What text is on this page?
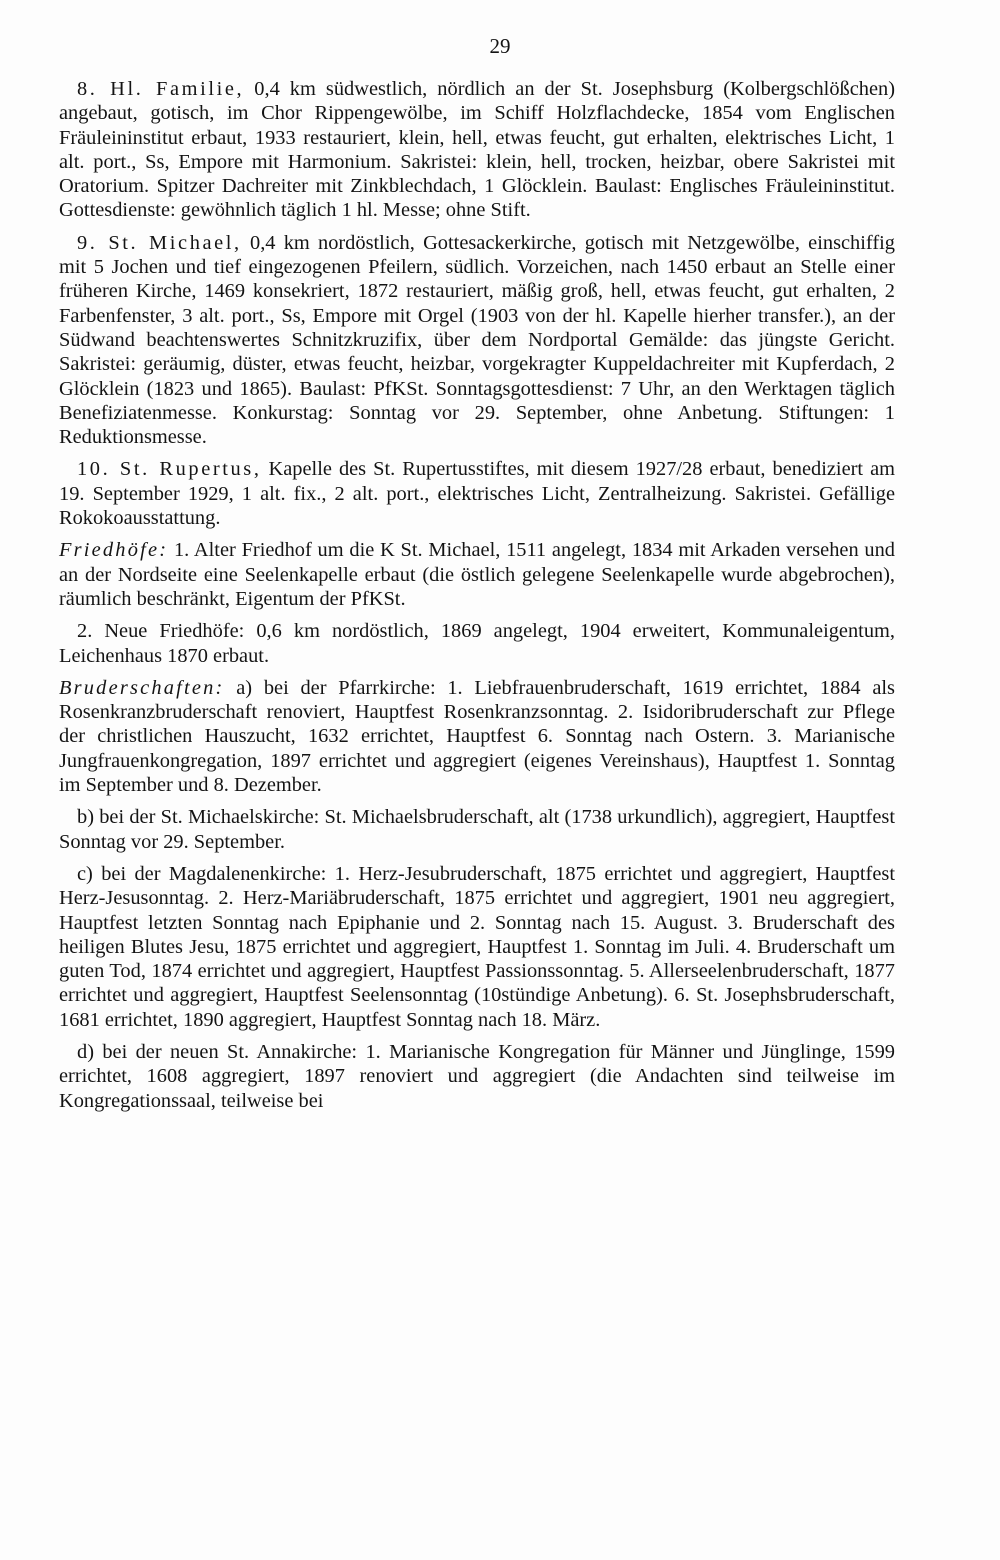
29

8. Hl. Familie, 0,4 km südwestlich, nördlich an der St. Josephsburg (Kolbergschlößchen) angebaut, gotisch, im Chor Rippengewölbe, im Schiff Holzflachdecke, 1854 vom Englischen Fräuleininstitut erbaut, 1933 restauriert, klein, hell, etwas feucht, gut erhalten, elektrisches Licht, 1 alt. port., Ss, Empore mit Harmonium. Sakristei: klein, hell, trocken, heizbar, obere Sakristei mit Oratorium. Spitzer Dachreiter mit Zinkblechdach, 1 Glöcklein. Baulast: Englisches Fräuleininstitut. Gottesdienste: gewöhnlich täglich 1 hl. Messe; ohne Stift.

9. St. Michael, 0,4 km nordöstlich, Gottesackerkirche, gotisch mit Netzgewölbe, einschiffig mit 5 Jochen und tief eingezogenen Pfeilern, südlich. Vorzeichen, nach 1450 erbaut an Stelle einer früheren Kirche, 1469 konsekriert, 1872 restauriert, mäßig groß, hell, etwas feucht, gut erhalten, 2 Farbenfenster, 3 alt. port., Ss, Empore mit Orgel (1903 von der hl. Kapelle hierher transfer.), an der Südwand beachtenswertes Schnitzkruzifix, über dem Nordportal Gemälde: das jüngste Gericht. Sakristei: geräumig, düster, etwas feucht, heizbar, vorgekragter Kuppeldachreiter mit Kupferdach, 2 Glöcklein (1823 und 1865). Baulast: PfKSt. Sonntagsgottesdienst: 7 Uhr, an den Werktagen täglich Benefiziatenmesse. Konkurstag: Sonntag vor 29. September, ohne Anbetung. Stiftungen: 1 Reduktionsmesse.

10. St. Rupertus, Kapelle des St. Rupertusstiftes, mit diesem 1927/28 erbaut, benediziert am 19. September 1929, 1 alt. fix., 2 alt. port., elektrisches Licht, Zentralheizung. Sakristei. Gefällige Rokokoausstattung.

Friedhöfe: 1. Alter Friedhof um die K St. Michael, 1511 angelegt, 1834 mit Arkaden versehen und an der Nordseite eine Seelenkapelle erbaut (die östlich gelegene Seelenkapelle wurde abgebrochen), räumlich beschränkt, Eigentum der PfKSt.

2. Neue Friedhöfe: 0,6 km nordöstlich, 1869 angelegt, 1904 erweitert, Kommunaleigentum, Leichenhaus 1870 erbaut.

Bruderschaften: a) bei der Pfarrkirche: 1. Liebfrauenbruderschaft, 1619 errichtet, 1884 als Rosenkranzbruderschaft renoviert, Hauptfest Rosenkranzsonntag. 2. Isidoribruderschaft zur Pflege der christlichen Hauszucht, 1632 errichtet, Hauptfest 6. Sonntag nach Ostern. 3. Marianische Jungfrauenkongregation, 1897 errichtet und aggregiert (eigenes Vereinshaus), Hauptfest 1. Sonntag im September und 8. Dezember.

b) bei der St. Michaelskirche: St. Michaelsbruderschaft, alt (1738 urkundlich), aggregiert, Hauptfest Sonntag vor 29. September.

c) bei der Magdalenenkirche: 1. Herz-Jesubruderschaft, 1875 errichtet und aggregiert, Hauptfest Herz-Jesusonntag. 2. Herz-Mariäbruderschaft, 1875 errichtet und aggregiert, 1901 neu aggregiert, Hauptfest letzten Sonntag nach Epiphanie und 2. Sonntag nach 15. August. 3. Bruderschaft des heiligen Blutes Jesu, 1875 errichtet und aggregiert, Hauptfest 1. Sonntag im Juli. 4. Bruderschaft um guten Tod, 1874 errichtet und aggregiert, Hauptfest Passionssonntag. 5. Allerseelenbruderschaft, 1877 errichtet und aggregiert, Hauptfest Seelensonntag (10stündige Anbetung). 6. St. Josephsbruderschaft, 1681 errichtet, 1890 aggregiert, Hauptfest Sonntag nach 18. März.

d) bei der neuen St. Annakirche: 1. Marianische Kongregation für Männer und Jünglinge, 1599 errichtet, 1608 aggregiert, 1897 renoviert und aggregiert (die Andachten sind teilweise im Kongregationssaal, teilweise bei
